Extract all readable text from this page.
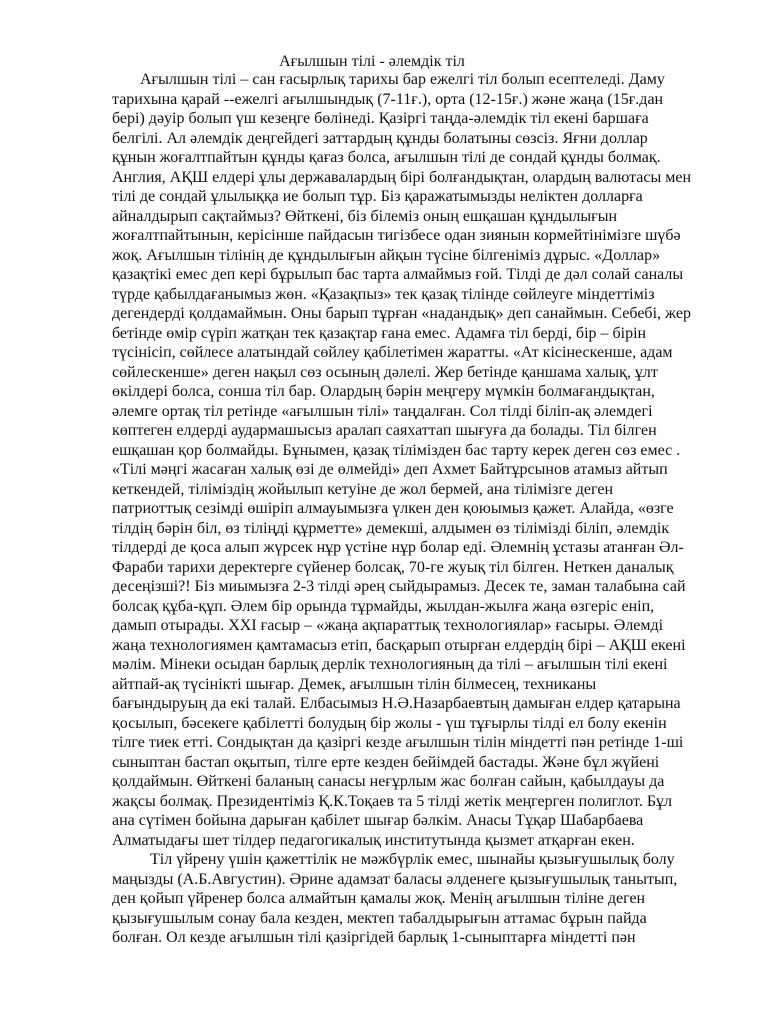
Ағылшын тілі - әлемдік тіл
Ағылшын тілі – сан ғасырлық тарихы бар ежелгі тіл болып есептеледі. Даму
тарихына қарай --ежелгі ағылшындық (7-11ғ.), орта (12-15ғ.) және жаңа (15ғ.дан
бері) дәуір болып үш кезеңге бөлінеді. Қазіргі таңда-әлемдік тіл екені баршаға
белгілі. Ал әлемдік деңгейдегі заттардың құнды болатыны сөзсіз. Яғни доллар
құнын жоғалтпайтын құнды қағаз болса, ағылшын тілі де сондай құнды болмақ.
Англия, АҚШ елдері ұлы державалардың бірі болғандықтан, олардың валютасы мен
тілі де сондай ұлылыққа ие болып тұр. Біз қаражатымызды неліктен долларға
айналдырып сақтаймыз? Өйткені, біз білеміз оның ешқашан құндылығын
жоғалтпайтынын, керісінше пайдасын тигізбесе одан зиянын кормейтінімізге шүбә
жоқ. Ағылшын тілінің де құндылығын айқын түсіне білгеніміз дұрыс. «Доллар»
қазақтікі емес деп кері бұрылып бас тарта алмаймыз ғой. Тілді де дәл солай саналы
түрде қабылдағанымыз жөн. «Қазақпыз» тек қазақ тілінде сөйлеуге міндеттіміз
дегендерді қолдамаймын. Оны барып тұрған «надандық» деп санаймын. Себебі, жер
бетінде өмір сүріп жатқан тек қазақтар ғана емес. Адамға тіл берді, бір – бірін
түсінісіп, сөйлесе алатындай сөйлеу қабілетімен жаратты. «Ат кісінескенше, адам
сөйлескенше» деген нақыл сөз осының дәлелі. Жер бетінде қаншама халық, ұлт
өкілдері болса, сонша тіл бар. Олардың бәрін меңгеру мүмкін болмағандықтан,
әлемге ортақ тіл ретінде «ағылшын тілі» таңдалған. Сол тілді біліп-ақ әлемдегі
көптеген елдерді аудармашысыз аралап саяхаттап шығуға да болады. Тіл білген
ешқашан қор болмайды. Бұнымен, қазақ тілімізден бас тарту керек деген сөз емес .
«Тілі мәңгі жасаған халық өзі де өлмейді» деп Ахмет Байтұрсынов атамыз айтып
кеткендей, тіліміздің жойылып кетуіне де жол бермей, ана тілімізге деген
патриоттық сезімді өшіріп алмауымызға үлкен ден қоюымыз қажет. Алайда, «өзге
тілдің бәрін біл, өз тіліңді құрметте» демекші, алдымен өз тілімізді біліп, әлемдік
тілдерді де қоса алып жүрсек нұр үстіне нұр болар еді. Әлемнің ұстазы атанған Әл-
Фараби тарихи деректерге сүйенер болсақ, 70-ге жуық тіл білген. Неткен даналық
десеңізші?! Біз миымызға 2-3 тілді әрең сыйдырамыз. Десек те, заман талабына сай
болсақ құба-құп. Әлем бір орында тұрмайды, жылдан-жылға жаңа өзгеріс еніп,
дамып отырады. XXI ғасыр – «жаңа ақпараттық технологиялар» ғасыры. Әлемді
жаңа технологиямен қамтамасыз етіп, басқарып отырған елдердің бірі – АҚШ екені
мәлім. Мінеки осыдан барлық дерлік технологияның да тілі – ағылшын тілі екені
айтпай-ақ түсінікті шығар. Демек, ағылшын тілін білмесең, техниканы
бағындыруың да екі талай. Елбасымыз Н.Ә.Назарбаевтың дамыған елдер қатарына
қосылып, бәсекеге қабілетті болудың бір жолы - үш тұғырлы тілді ел болу екенін
тілге тиек етті. Сондықтан да қазіргі кезде ағылшын тілін міндетті пән ретінде 1-ші
сыныптан бастап оқытып, тілге ерте кезден бейімдей бастады. Және бұл жүйені
қолдаймын. Өйткені баланың санасы неғұрлым жас болған сайын, қабылдауы да
жақсы болмақ. Президентіміз Қ.К.Тоқаев та 5 тілді жетік меңгерген полиглот. Бұл
ана сүтімен бойына дарыған қабілет шығар бәлкім. Анасы Тұқар Шабарбаева
Алматыдағы шет тілдер педагогикалық институтында қызмет атқарған екен.
Тіл үйрену үшін қажеттілік не мәжбүрлік емес, шынайы қызығушылық болу
маңызды (А.Б.Августин). Әрине адамзат баласы әлденеге қызығушылық танытып,
ден қойып үйренер болса алмайтын қамалы жоқ. Менің ағылшын тіліне деген
қызығушылым сонау бала кезден, мектеп табалдырығын аттамас бұрын пайда
болған. Ол кезде ағылшын тілі қазіргідей барлық 1-сыныптарға міндетті пән
